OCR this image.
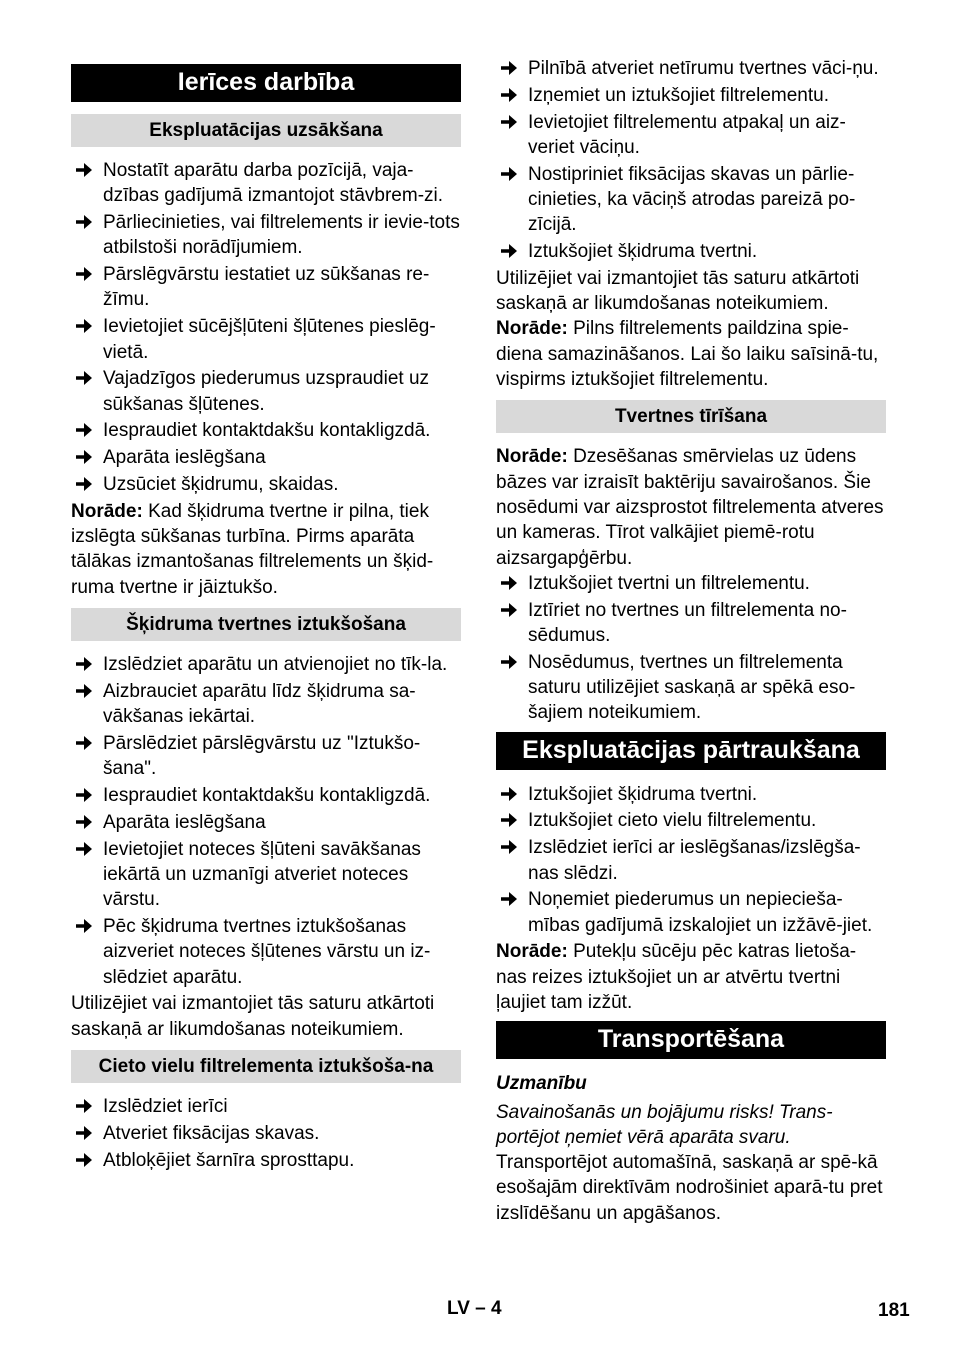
Ierīces darbība
Ekspluatācijas uzsākšana
Nostatīt aparātu darba pozīcijā, vaja-dzības gadījumā izmantojot stāvbrem-zi.
Pārliecinieties, vai filtrelements ir ievie-tots atbilstoši norādījumiem.
Pārslēgvārstu iestatiet uz sūkšanas re-žīmu.
Ievietojiet sūcējšļūteni šļūtenes pieslēg-vietā.
Vajadzīgos piederumus uzspraudiet uz sūkšanas šļūtenes.
Iespraudiet kontaktdakšu kontakligzdā.
Aparāta ieslēgšana
Uzsūciet šķidrumu, skaidas.

Norāde: Kad šķidruma tvertne ir pilna, tiek izslēgta sūkšanas turbīna. Pirms aparāta tālākas izmantošanas filtrelements un šķid-ruma tvertne ir jāiztukšo.

Šķidruma tvertnes iztukšošana
Izslēdziet aparātu un atvienojiet no tīk-la.
Aizbrauciet aparātu līdz šķidruma sa-vākšanas iekārtai.
Pārslēdziet pārslēgvārstu uz "Iztukšo-šana".
Iespraudiet kontaktdakšu kontakligzdā.
Aparāta ieslēgšana
Ievietojiet noteces šļūteni savākšanas iekārtā un uzmanīgi atveriet noteces vārstu.
Pēc šķidruma tvertnes iztukšošanas aizveriet noteces šļūtenes vārstu un iz-slēdziet aparātu.

Utilizējiet vai izmantojiet tās saturu atkārtoti saskaņā ar likumdošanas noteikumiem.

Cieto vielu filtrelementa iztukšoša-na
Izslēdziet ierīci
Atveriet fiksācijas skavas.
Atbloķējiet šarnīra sprosttapu.
Pilnībā atveriet netīrumu tvertnes vāci-ņu.
Izņemiet un iztukšojiet filtrelementu.
Ievietojiet filtrelementu atpakaļ un aiz-veriet vāciņu.
Nostipriniet fiksācijas skavas un pārlie-cinieties, ka vāciņš atrodas pareizā po-zīcijā.
Iztukšojiet šķidruma tvertni.

Utilizējiet vai izmantojiet tās saturu atkārtoti saskaņā ar likumdošanas noteikumiem.

Norāde: Pilns filtrelements paildzina spie-diena samazināšanos. Lai šo laiku saīsinā-tu, vispirms iztukšojiet filtrelementu.

Tvertnes tīrīšana

Norāde: Dzesēšanas smērvielas uz ūdens bāzes var izraisīt baktēriju savairošanos. Šie nosēdumi var aizsprostot filtrelementa atveres un kameras. Tīrot valkājiet piemē-rotu aizsargapģērbu.

Iztukšojiet tvertni un filtrelementu.
Iztīriet no tvertnes un filtrelementa no-sēdumus.
Nosēdumus, tvertnes un filtrelementa saturu utilizējiet saskaņā ar spēkā eso-šajiem noteikumiem.
Ekspluatācijas pārtraukšana
Iztukšojiet šķidruma tvertni.
Iztukšojiet cieto vielu filtrelementu.
Izslēdziet ierīci ar ieslēgšanas/izslēgša-nas slēdzi.
Noņemiet piederumus un nepiecieša-mības gadījumā izskalojiet un izžāvē-jiet.

Norāde: Putekļu sūcēju pēc katras lietoša-nas reizes iztukšojiet un ar atvērtu tvertni ļaujiet tam izžūt.

Transportēšana
Uzmanību

Savainošanās un bojājumu risks! Trans-portējot ņemiet vērā aparāta svaru.

Transportējot automašīnā, saskaņā ar spē-kā esošajām direktīvām nodrošiniet aparā-tu pret izslīdēšanu un apgāšanos.

LV – 4	181
